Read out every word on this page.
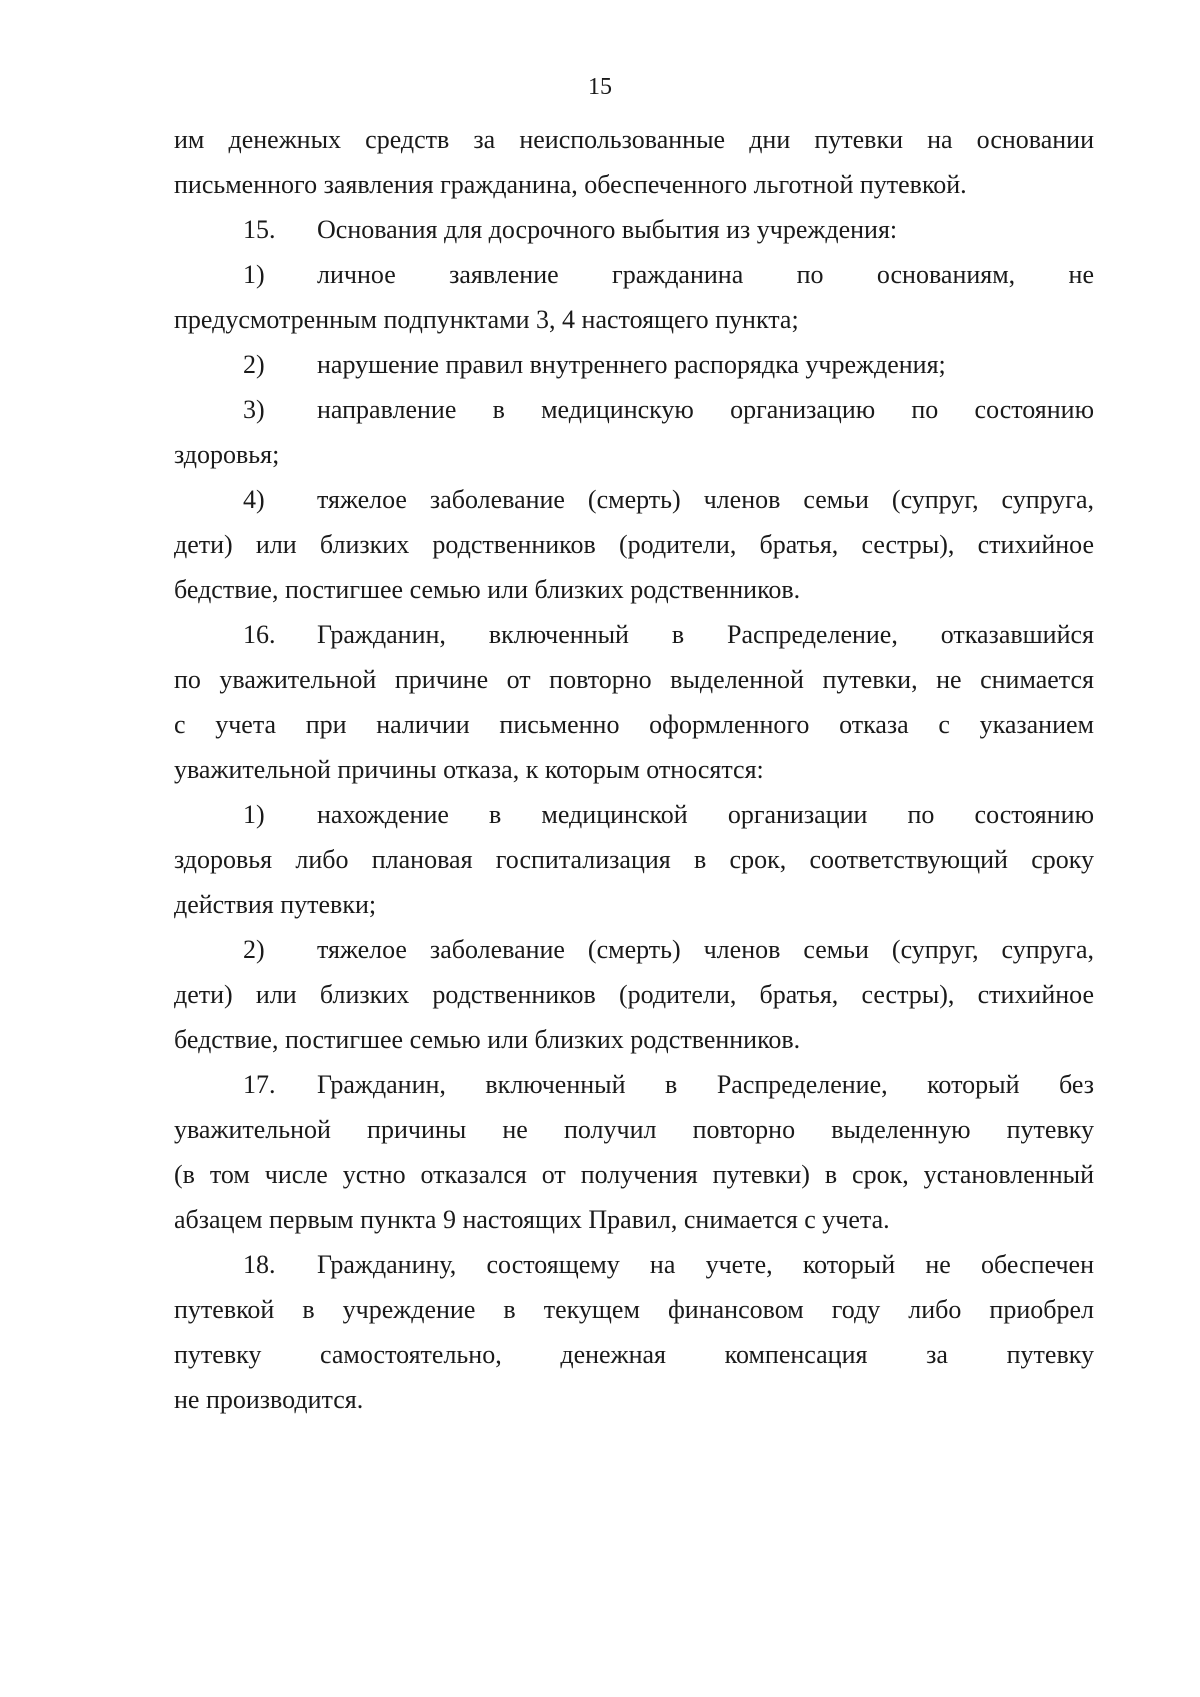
15
им денежных средств за неиспользованные дни путевки на основании
письменного заявления гражданина, обеспеченного льготной путевкой.
15.	Основания для досрочного выбытия из учреждения:
1)	личное заявление гражданина по основаниям, не
предусмотренным подпунктами 3, 4 настоящего пункта;
2)	нарушение правил внутреннего распорядка учреждения;
3)	направление в медицинскую организацию по состоянию
здоровья;
4)	тяжелое заболевание (смерть) членов семьи (супруг, супруга,
дети) или близких родственников (родители, братья, сестры), стихийное
бедствие, постигшее семью или близких родственников.
16.	Гражданин, включенный в Распределение, отказавшийся
по уважительной причине от повторно выделенной путевки, не снимается
с учета при наличии письменно оформленного отказа с указанием
уважительной причины отказа, к которым относятся:
1)	нахождение в медицинской организации по состоянию
здоровья либо плановая госпитализация в срок, соответствующий сроку
действия путевки;
2)	тяжелое заболевание (смерть) членов семьи (супруг, супруга,
дети) или близких родственников (родители, братья, сестры), стихийное
бедствие, постигшее семью или близких родственников.
17.	Гражданин, включенный в Распределение, который без
уважительной причины не получил повторно выделенную путевку
(в том числе устно отказался от получения путевки) в срок, установленный
абзацем первым пункта 9 настоящих Правил, снимается с учета.
18.	Гражданину, состоящему на учете, который не обеспечен
путевкой в учреждение в текущем финансовом году либо приобрел
путевку самостоятельно, денежная компенсация за путевку
не производится.
